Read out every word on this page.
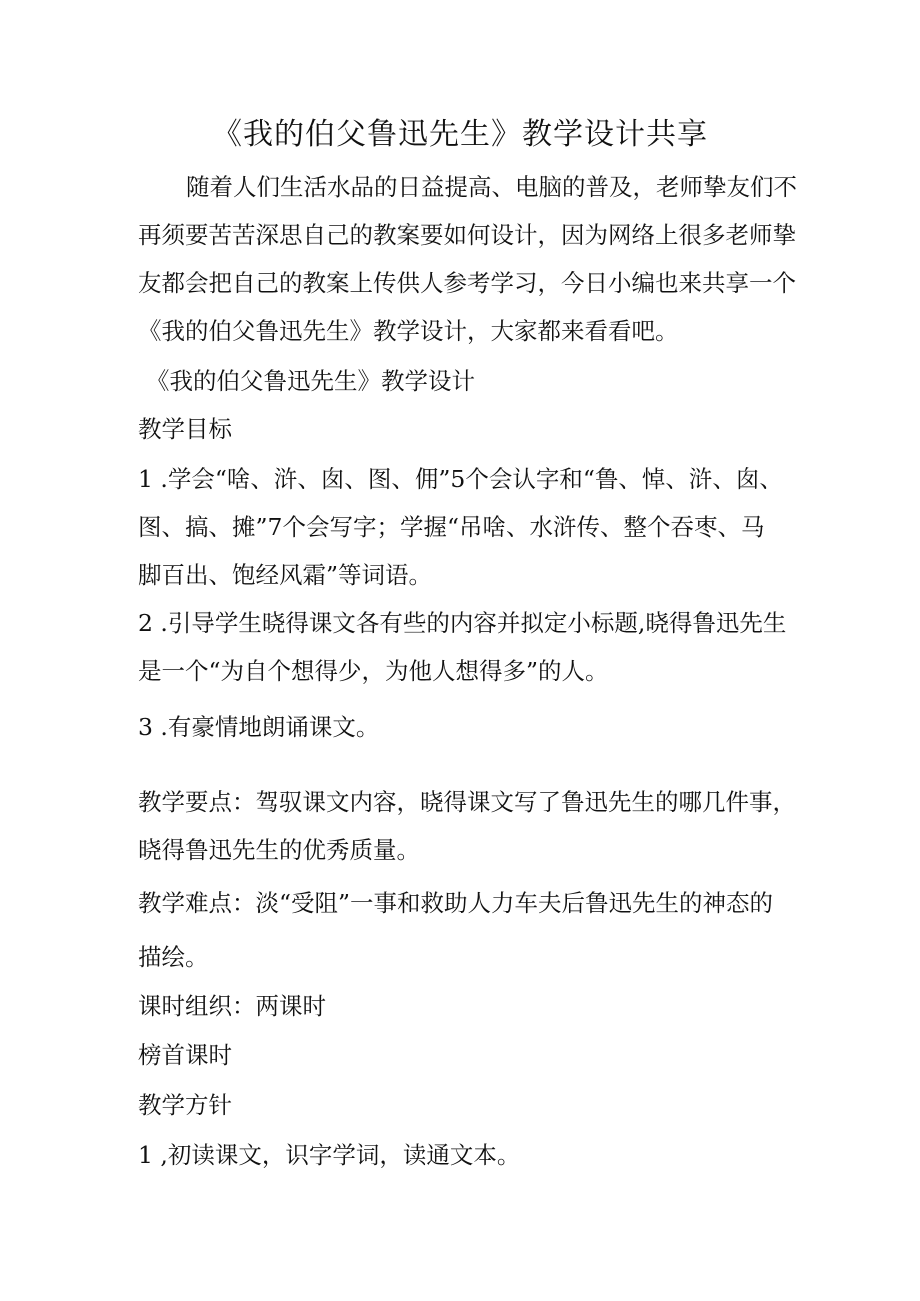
《我的伯父鲁迅先生》教学设计共享
随着人们生活水品的日益提高、电脑的普及，老师挚友们不
再须要苦苦深思自己的教案要如何设计，因为网络上很多老师挚
友都会把自己的教案上传供人参考学习，今日小编也来共享一个
《我的伯父鲁迅先生》教学设计，大家都来看看吧。
《我的伯父鲁迅先生》教学设计
教学目标
1 .学会“啥、浒、囱、图、佣”5个会认字和“鲁、悼、浒、囱、
图、搞、摊”7个会写字；学握“吊啥、水浒传、整个吞枣、马
脚百出、饱经风霜”等词语。
2 .引导学生晓得课文各有些的内容并拟定小标题,晓得鲁迅先生
是一个“为自个想得少，为他人想得多”的人。
3 .有豪情地朗诵课文。
教学要点：驾驭课文内容，晓得课文写了鲁迅先生的哪几件事，
晓得鲁迅先生的优秀质量。
教学难点：淡“受阻”一事和救助人力车夫后鲁迅先生的神态的
描绘。
课时组织：两课时
榜首课时
教学方针
1 ,初读课文，识字学词，读通文本。
